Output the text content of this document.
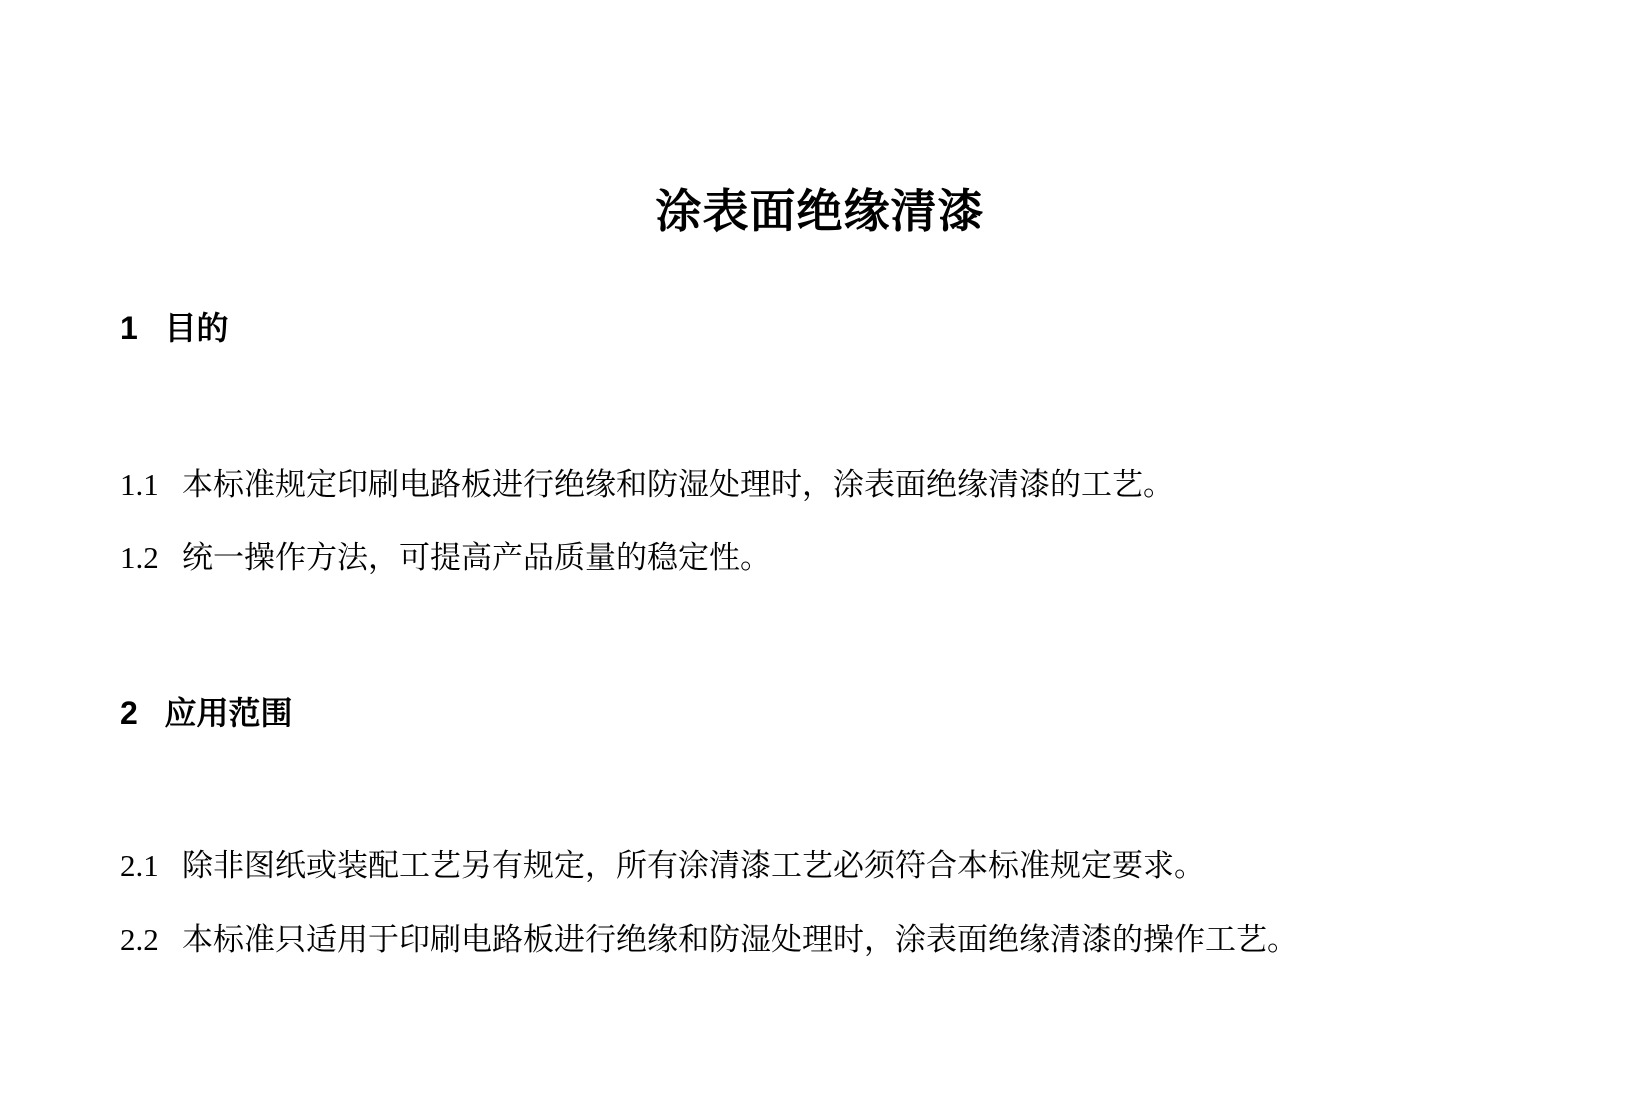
涂表面绝缘清漆
1   目的
1.1   本标准规定印刷电路板进行绝缘和防湿处理时，涂表面绝缘清漆的工艺。
1.2   统一操作方法，可提高产品质量的稳定性。
2   应用范围
2.1   除非图纸或装配工艺另有规定，所有涂清漆工艺必须符合本标准规定要求。
2.2   本标准只适用于印刷电路板进行绝缘和防湿处理时，涂表面绝缘清漆的操作工艺。
